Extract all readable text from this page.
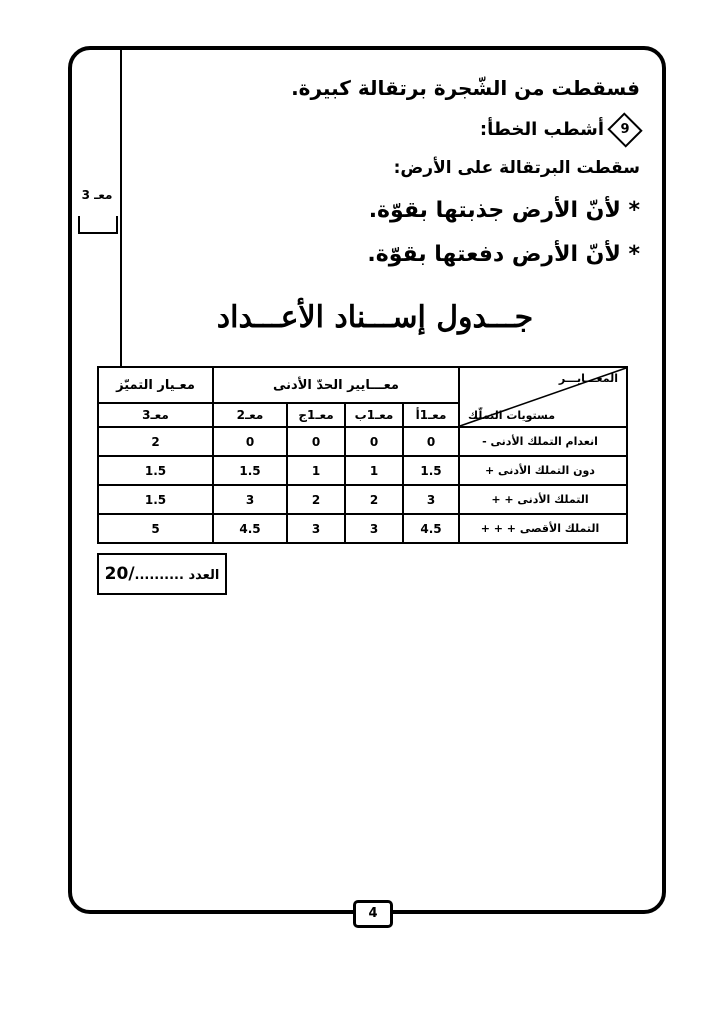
معـ 3
فسقطت من الشّجرة برتقالة كبيرة.
9
أشطب الخطأ:
سقطت البرتقالة على الأرض:
* لأنّ الأرض جذبتها بقوّة.
* لأنّ الأرض دفعتها بقوّة.
جـــدول إســـناد الأعـــداد
المعـــايـــر
مستويات التملّك	معـــايير الحدّ الأدنى				معـيار التميّز
	معـ1أ	معـ1ب	معـ1ج	معـ2	معـ3
انعدام التملك الأدنى -	0	0	0	0	2
دون التملك الأدنى +	1.5	1	1	1.5	1.5
التملك الأدنى + +	3	2	2	3	1.5
التملك الأقصى + + +	4.5	3	3	4.5	5
العدد ........../20
4
